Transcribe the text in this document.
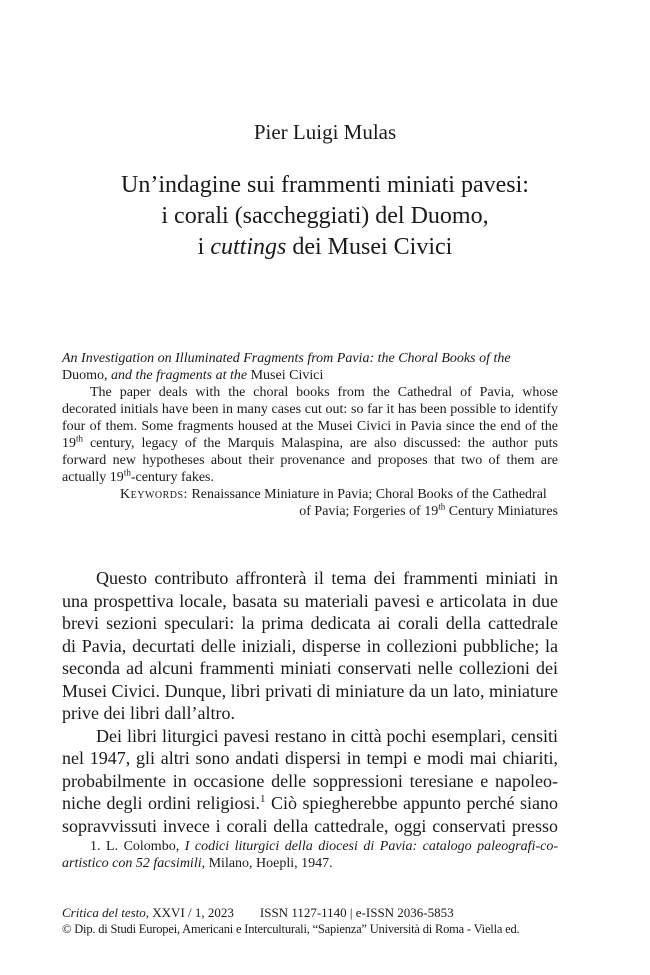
Pier Luigi Mulas
Un’indagine sui frammenti miniati pavesi:
i corali (saccheggiati) del Duomo,
i cuttings dei Musei Civici

An Investigation on Illuminated Fragments from Pavia: the Choral Books of the
Duomo, and the fragments at the Musei Civici

The paper deals with the choral books from the Cathedral of Pavia, whose decorated initials have been in many cases cut out: so far it has been possible to identify four of them. Some fragments housed at the Musei Civici in Pavia since the end of the 19th century, legacy of the Marquis Malaspina, are also discussed: the author puts forward new hypotheses about their provenance and proposes that two of them are actually 19th-century fakes.

Keywords: Renaissance Miniature in Pavia; Choral Books of the Cathedral

of Pavia; Forgeries of 19th Century Miniatures

Questo contributo affronterà il tema dei frammenti miniati in
una prospettiva locale, basata su materiali pavesi e articolata in due
brevi sezioni speculari: la prima dedicata ai corali della cattedrale
di Pavia, decurtati delle iniziali, disperse in collezioni pubbliche; la
seconda ad alcuni frammenti miniati conservati nelle collezioni dei
Musei Civici. Dunque, libri privati di miniature da un lato, miniature
prive dei libri dall’altro.

Dei libri liturgici pavesi restano in città pochi esemplari, censiti
nel 1947, gli altri sono andati dispersi in tempi e modi mai chiariti,
probabilmente in occasione delle soppressioni teresiane e napoleo-
niche degli ordini religiosi.$^1$ Ciò spiegherebbe appunto perché siano
sopravvissuti invece i corali della cattedrale, oggi conservati presso

1. L. Colombo, I codici liturgici della diocesi di Pavia: catalogo paleografi-co-artistico con 52 facsimili, Milano, Hoepli, 1947.

Critica del testo, XXVI / 1, 2023 ISSN 1127-1140 | e-ISSN 2036-5853
© Dip. di Studi Europei, Americani e Interculturali, “Sapienza” Università di Roma - Viella ed.
